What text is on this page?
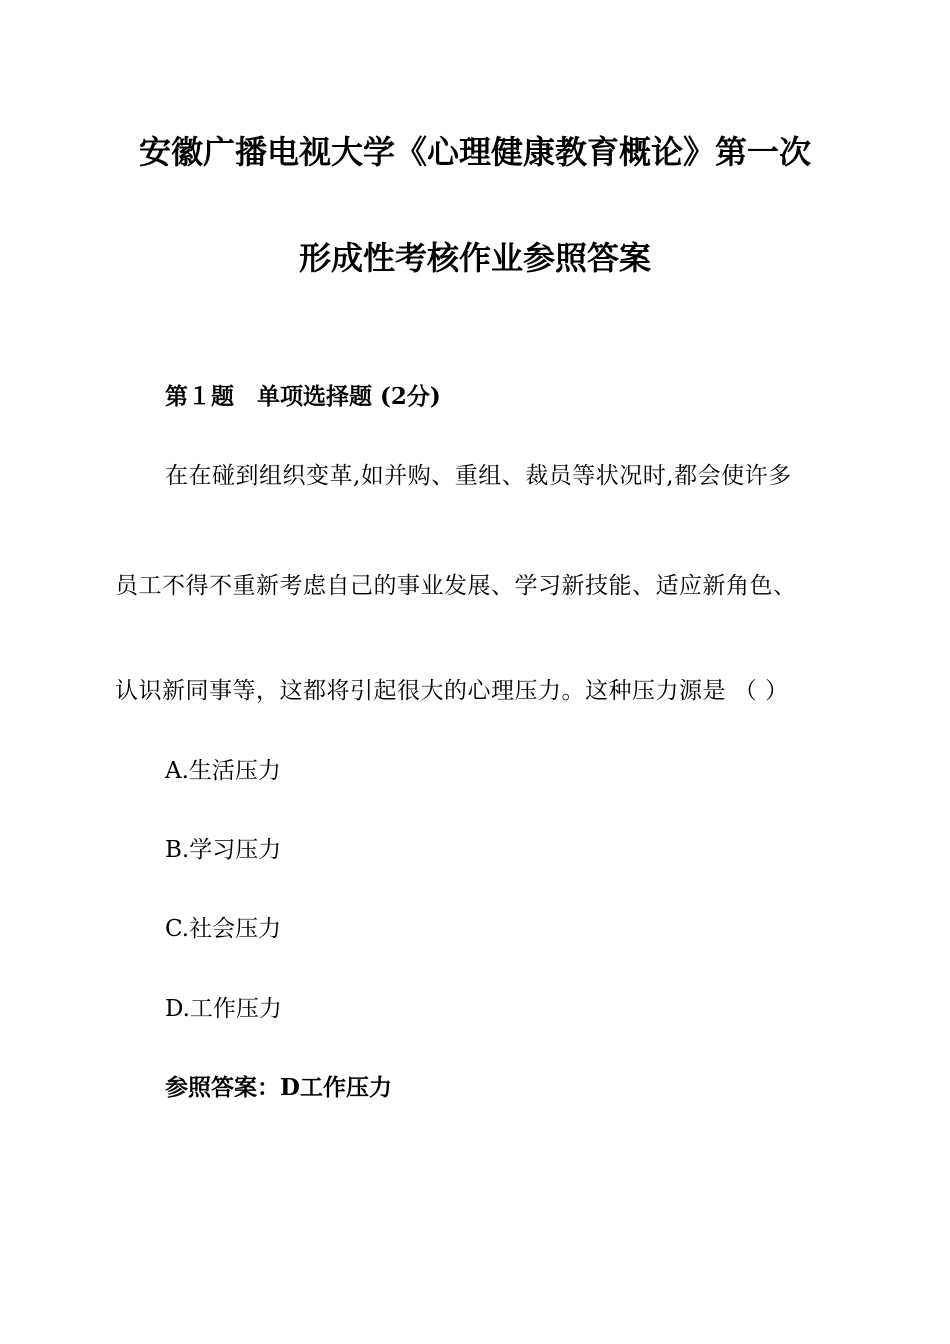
安徽广播电视大学《心理健康教育概论》第一次
形成性考核作业参照答案
第１题　单项选择题 (2分)
在在碰到组织变革,如并购、重组、裁员等状况时,都会使许多
员工不得不重新考虑自己的事业发展、学习新技能、适应新角色、
认识新同事等，这都将引起很大的心理压力。这种压力源是 （ ）
A.生活压力
B.学习压力
C.社会压力
D.工作压力
参照答案：D工作压力
